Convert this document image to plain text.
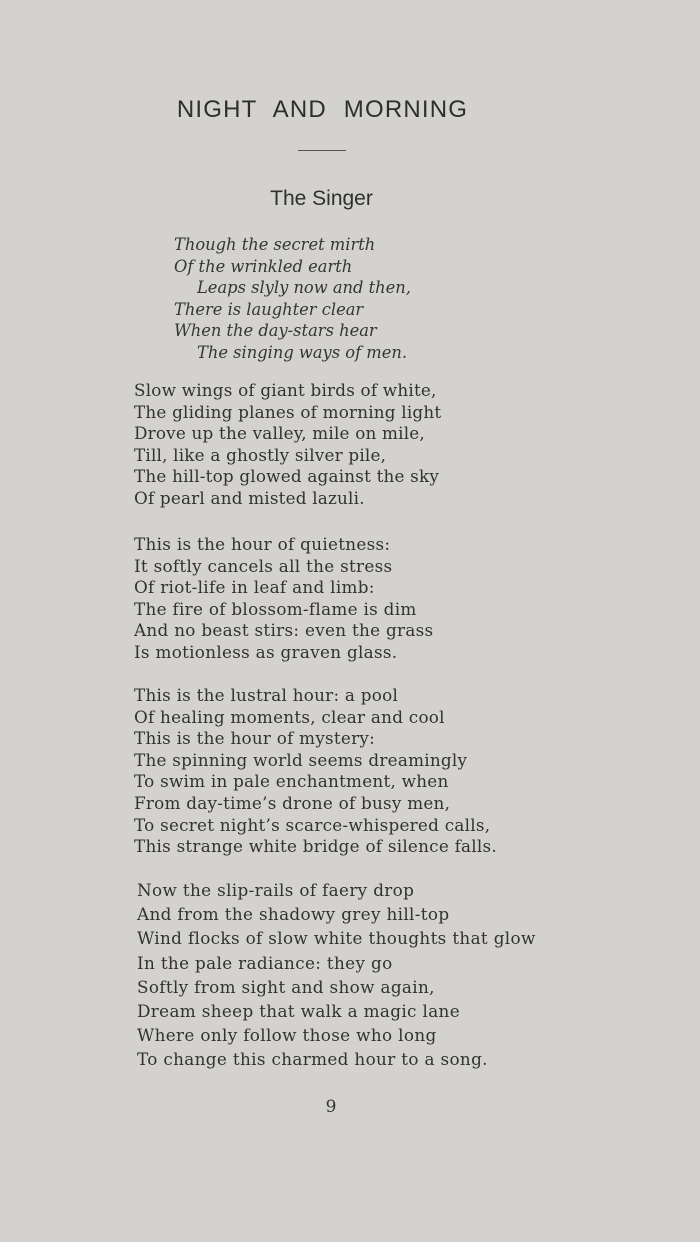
NIGHT AND MORNING
The Singer
Though the secret mirth
Of the wrinkled earth
Leaps slyly now and then,
There is laughter clear
When the day-stars hear
The singing ways of men.
Slow wings of giant birds of white,
The gliding planes of morning light
Drove up the valley, mile on mile,
Till, like a ghostly silver pile,
The hill-top glowed against the sky
Of pearl and misted lazuli.
This is the hour of quietness:
It softly cancels all the stress
Of riot-life in leaf and limb:
The fire of blossom-flame is dim
And no beast stirs: even the grass
Is motionless as graven glass.
This is the lustral hour: a pool
Of healing moments, clear and cool
This is the hour of mystery:
The spinning world seems dreamingly
To swim in pale enchantment, when
From day-time’s drone of busy men,
To secret night’s scarce-whispered calls,
This strange white bridge of silence falls.
Now the slip-rails of faery drop
And from the shadowy grey hill-top
Wind flocks of slow white thoughts that glow
In the pale radiance: they go
Softly from sight and show again,
Dream sheep that walk a magic lane
Where only follow those who long
To change this charmed hour to a song.
9
